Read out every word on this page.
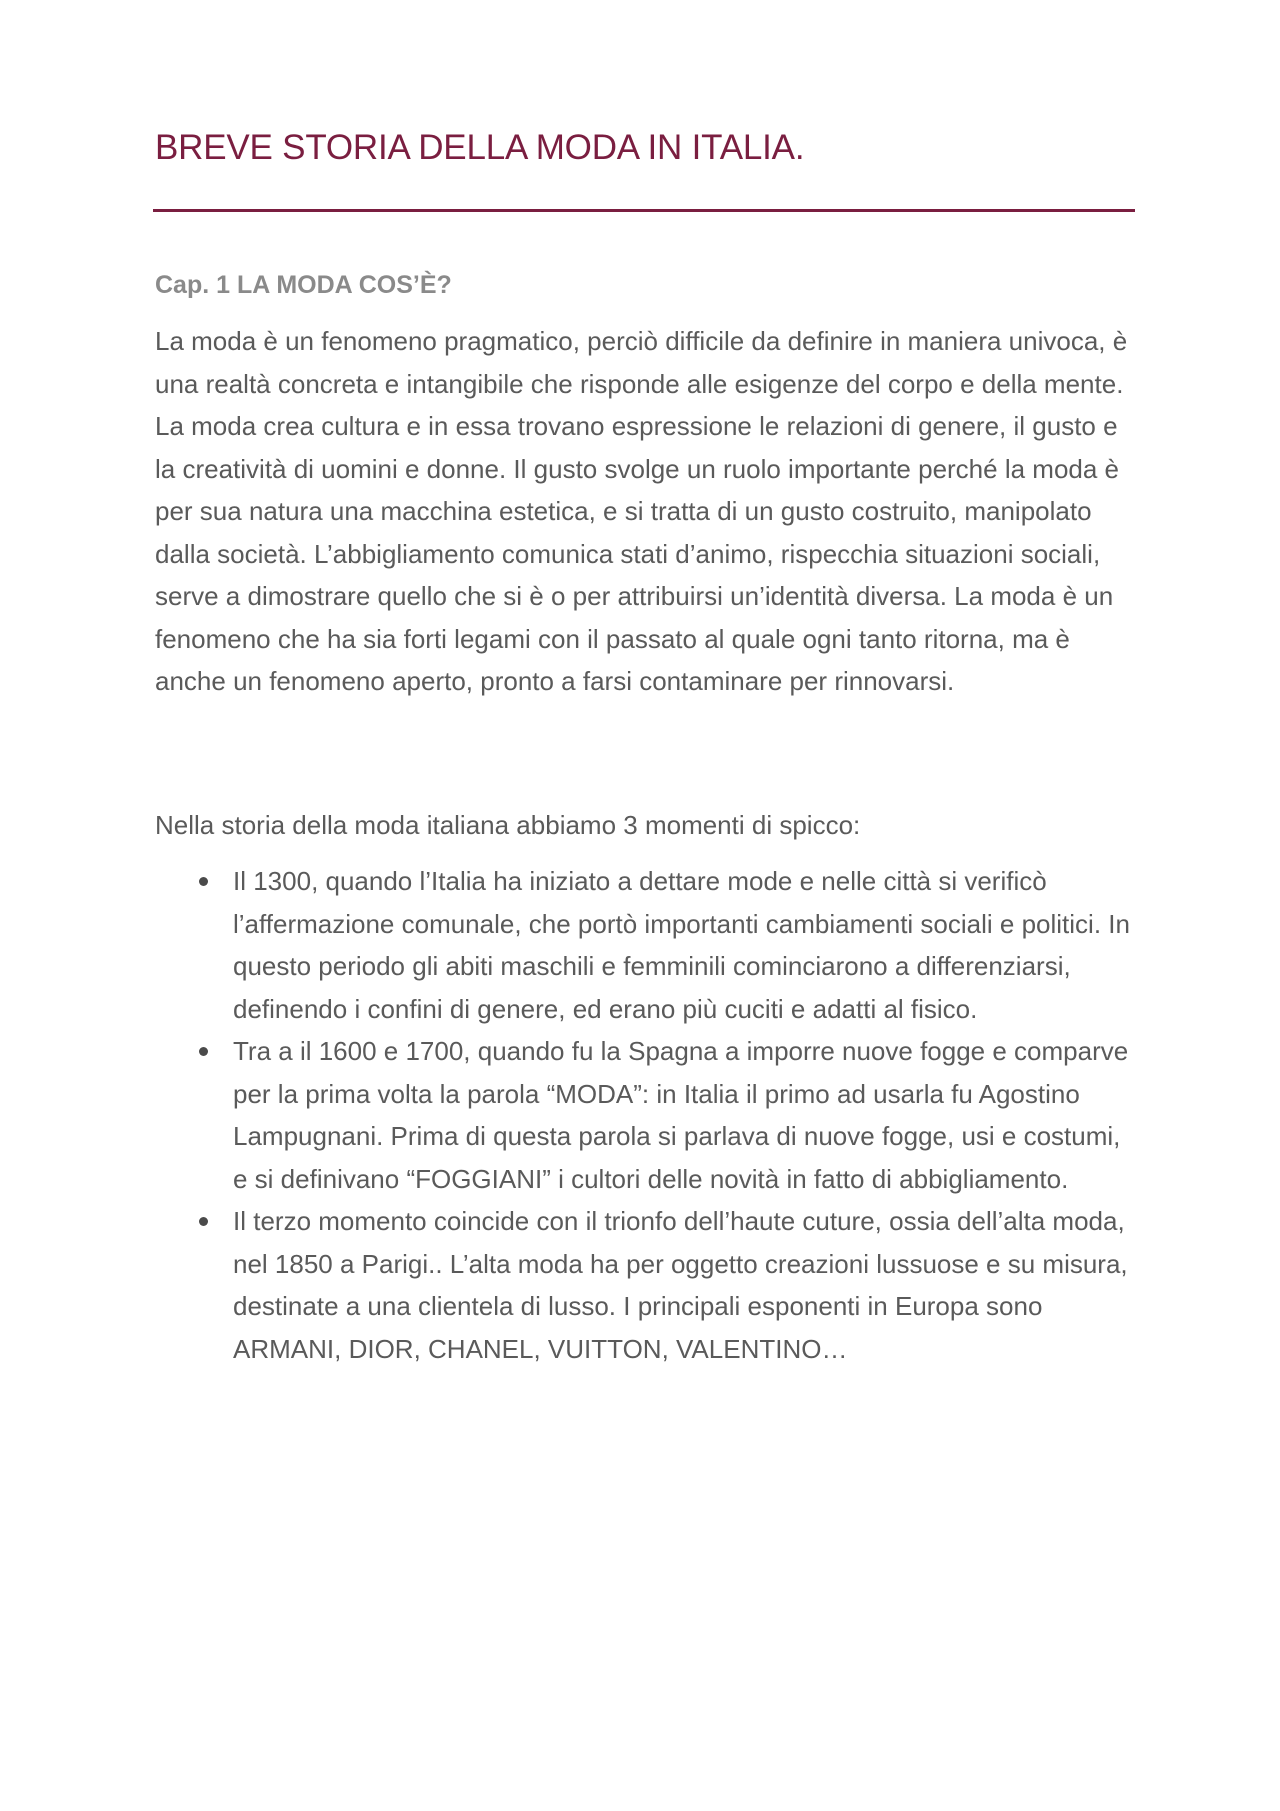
BREVE STORIA DELLA MODA IN ITALIA.
Cap. 1 LA MODA COS’È?

La moda è un fenomeno pragmatico, perciò difficile da definire in maniera univoca, è una realtà concreta e intangibile che risponde alle esigenze del corpo e della mente. La moda crea cultura e in essa trovano espressione le relazioni di genere, il gusto e la creatività di uomini e donne. Il gusto svolge un ruolo importante perché la moda è per sua natura una macchina estetica, e si tratta di un gusto costruito, manipolato dalla società. L’abbigliamento comunica stati d’animo, rispecchia situazioni sociali, serve a dimostrare quello che si è o per attribuirsi un’identità diversa. La moda è un fenomeno che ha sia forti legami con il passato al quale ogni tanto ritorna, ma è anche un fenomeno aperto, pronto a farsi contaminare per rinnovarsi.

Nella storia della moda italiana abbiamo 3 momenti di spicco:

Il 1300, quando l’Italia ha iniziato a dettare mode e nelle città si verificò l’affermazione comunale, che portò importanti cambiamenti sociali e politici. In questo periodo gli abiti maschili e femminili cominciarono a differenziarsi, definendo i confini di genere, ed erano più cuciti e adatti al fisico.
Tra a il 1600 e 1700, quando fu la Spagna a imporre nuove fogge e comparve per la prima volta la parola “MODA”: in Italia il primo ad usarla fu Agostino Lampugnani. Prima di questa parola si parlava di nuove fogge, usi e costumi, e si definivano “FOGGIANI” i cultori delle novità in fatto di abbigliamento.
Il terzo momento coincide con il trionfo dell’haute cuture, ossia dell’alta moda, nel 1850 a Parigi.. L’alta moda ha per oggetto creazioni lussuose e su misura, destinate a una clientela di lusso. I principali esponenti in Europa sono ARMANI, DIOR, CHANEL, VUITTON, VALENTINO…
